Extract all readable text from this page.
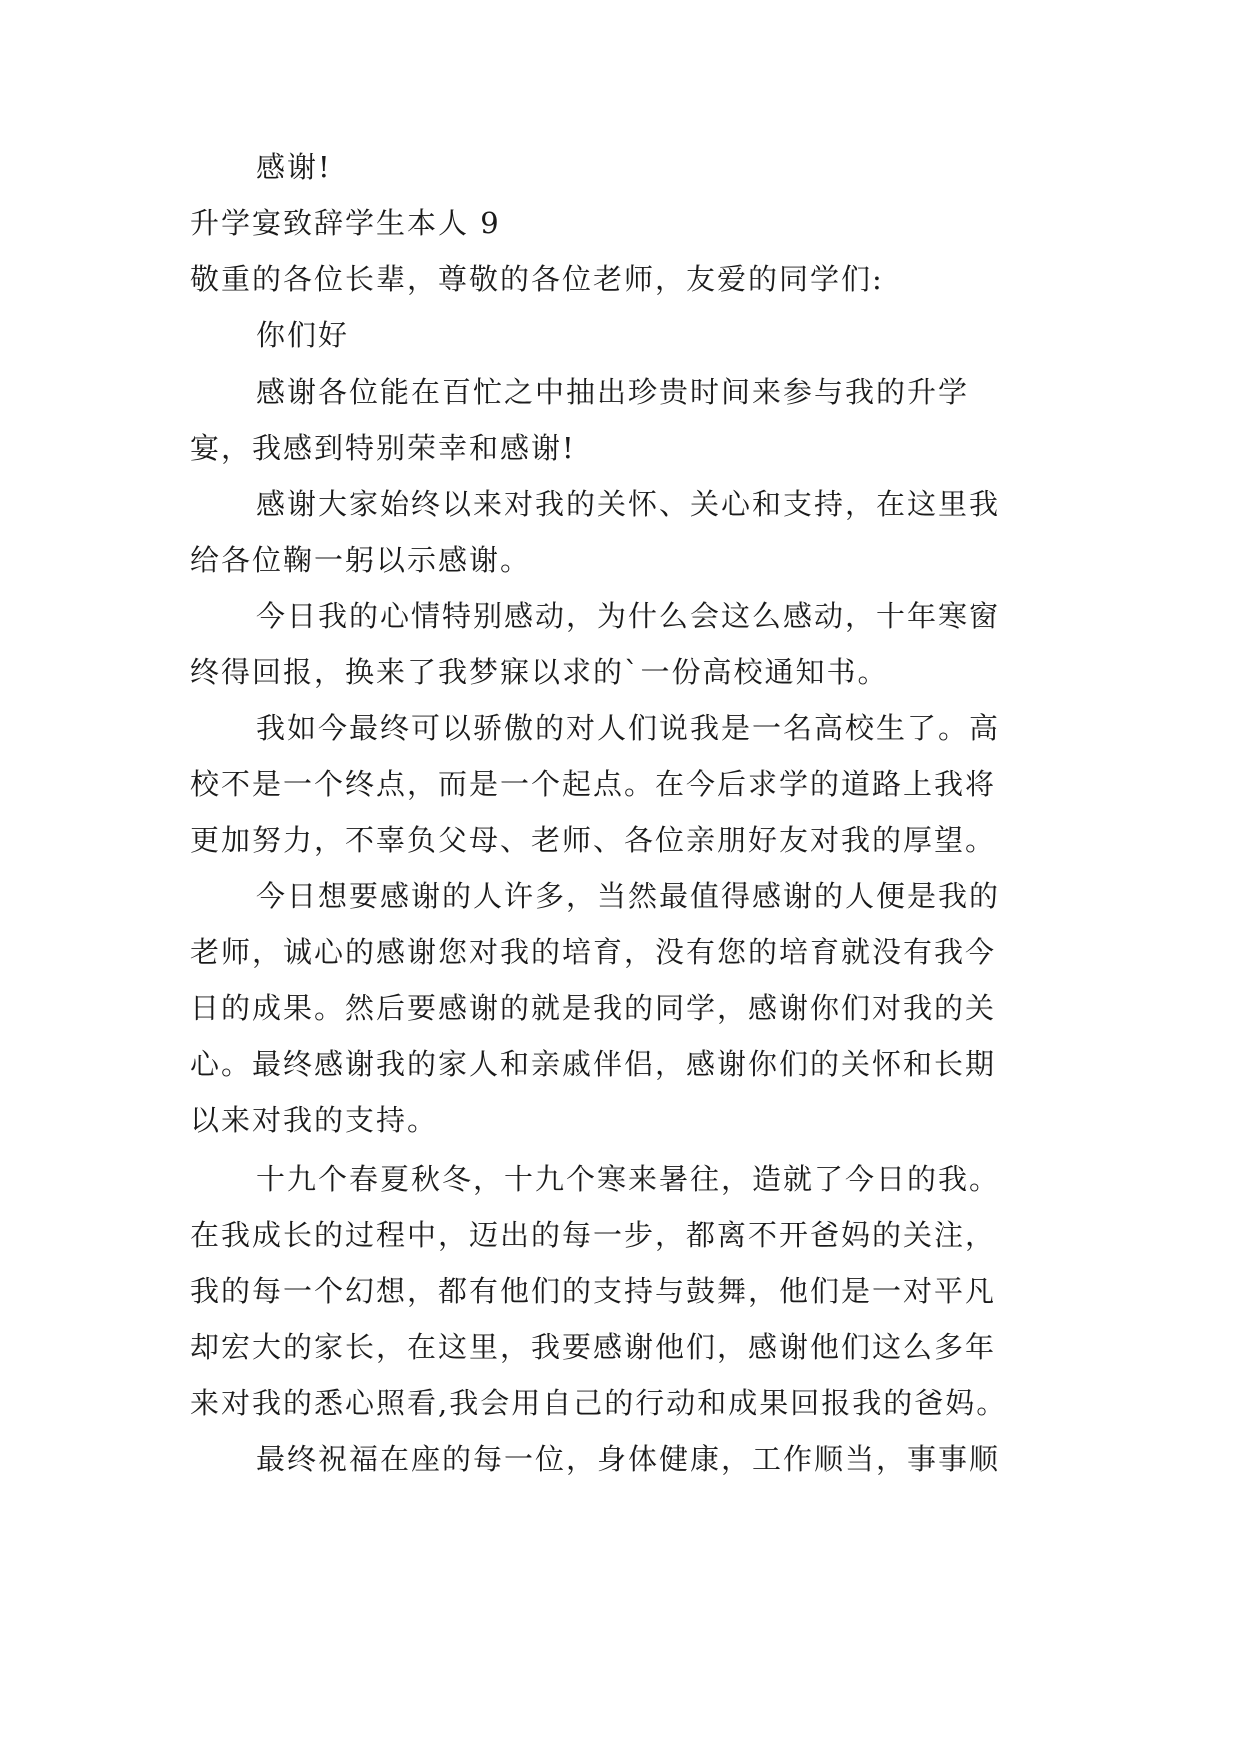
感谢!
升学宴致辞学生本人 9
敬重的各位长辈，尊敬的各位老师，友爱的同学们:
你们好
感谢各位能在百忙之中抽出珍贵时间来参与我的升学
宴，我感到特别荣幸和感谢!
感谢大家始终以来对我的关怀、关心和支持，在这里我
给各位鞠一躬以示感谢。
今日我的心情特别感动，为什么会这么感动，十年寒窗
终得回报，换来了我梦寐以求的`一份高校通知书。
我如今最终可以骄傲的对人们说我是一名高校生了。高
校不是一个终点，而是一个起点。在今后求学的道路上我将
更加努力，不辜负父母、老师、各位亲朋好友对我的厚望。
今日想要感谢的人许多，当然最值得感谢的人便是我的
老师，诚心的感谢您对我的培育，没有您的培育就没有我今
日的成果。然后要感谢的就是我的同学，感谢你们对我的关
心。最终感谢我的家人和亲戚伴侣，感谢你们的关怀和长期
以来对我的支持。
十九个春夏秋冬，十九个寒来暑往，造就了今日的我。
在我成长的过程中，迈出的每一步，都离不开爸妈的关注，
我的每一个幻想，都有他们的支持与鼓舞，他们是一对平凡
却宏大的家长，在这里，我要感谢他们，感谢他们这么多年
来对我的悉心照看,我会用自己的行动和成果回报我的爸妈。
最终祝福在座的每一位，身体健康，工作顺当，事事顺
